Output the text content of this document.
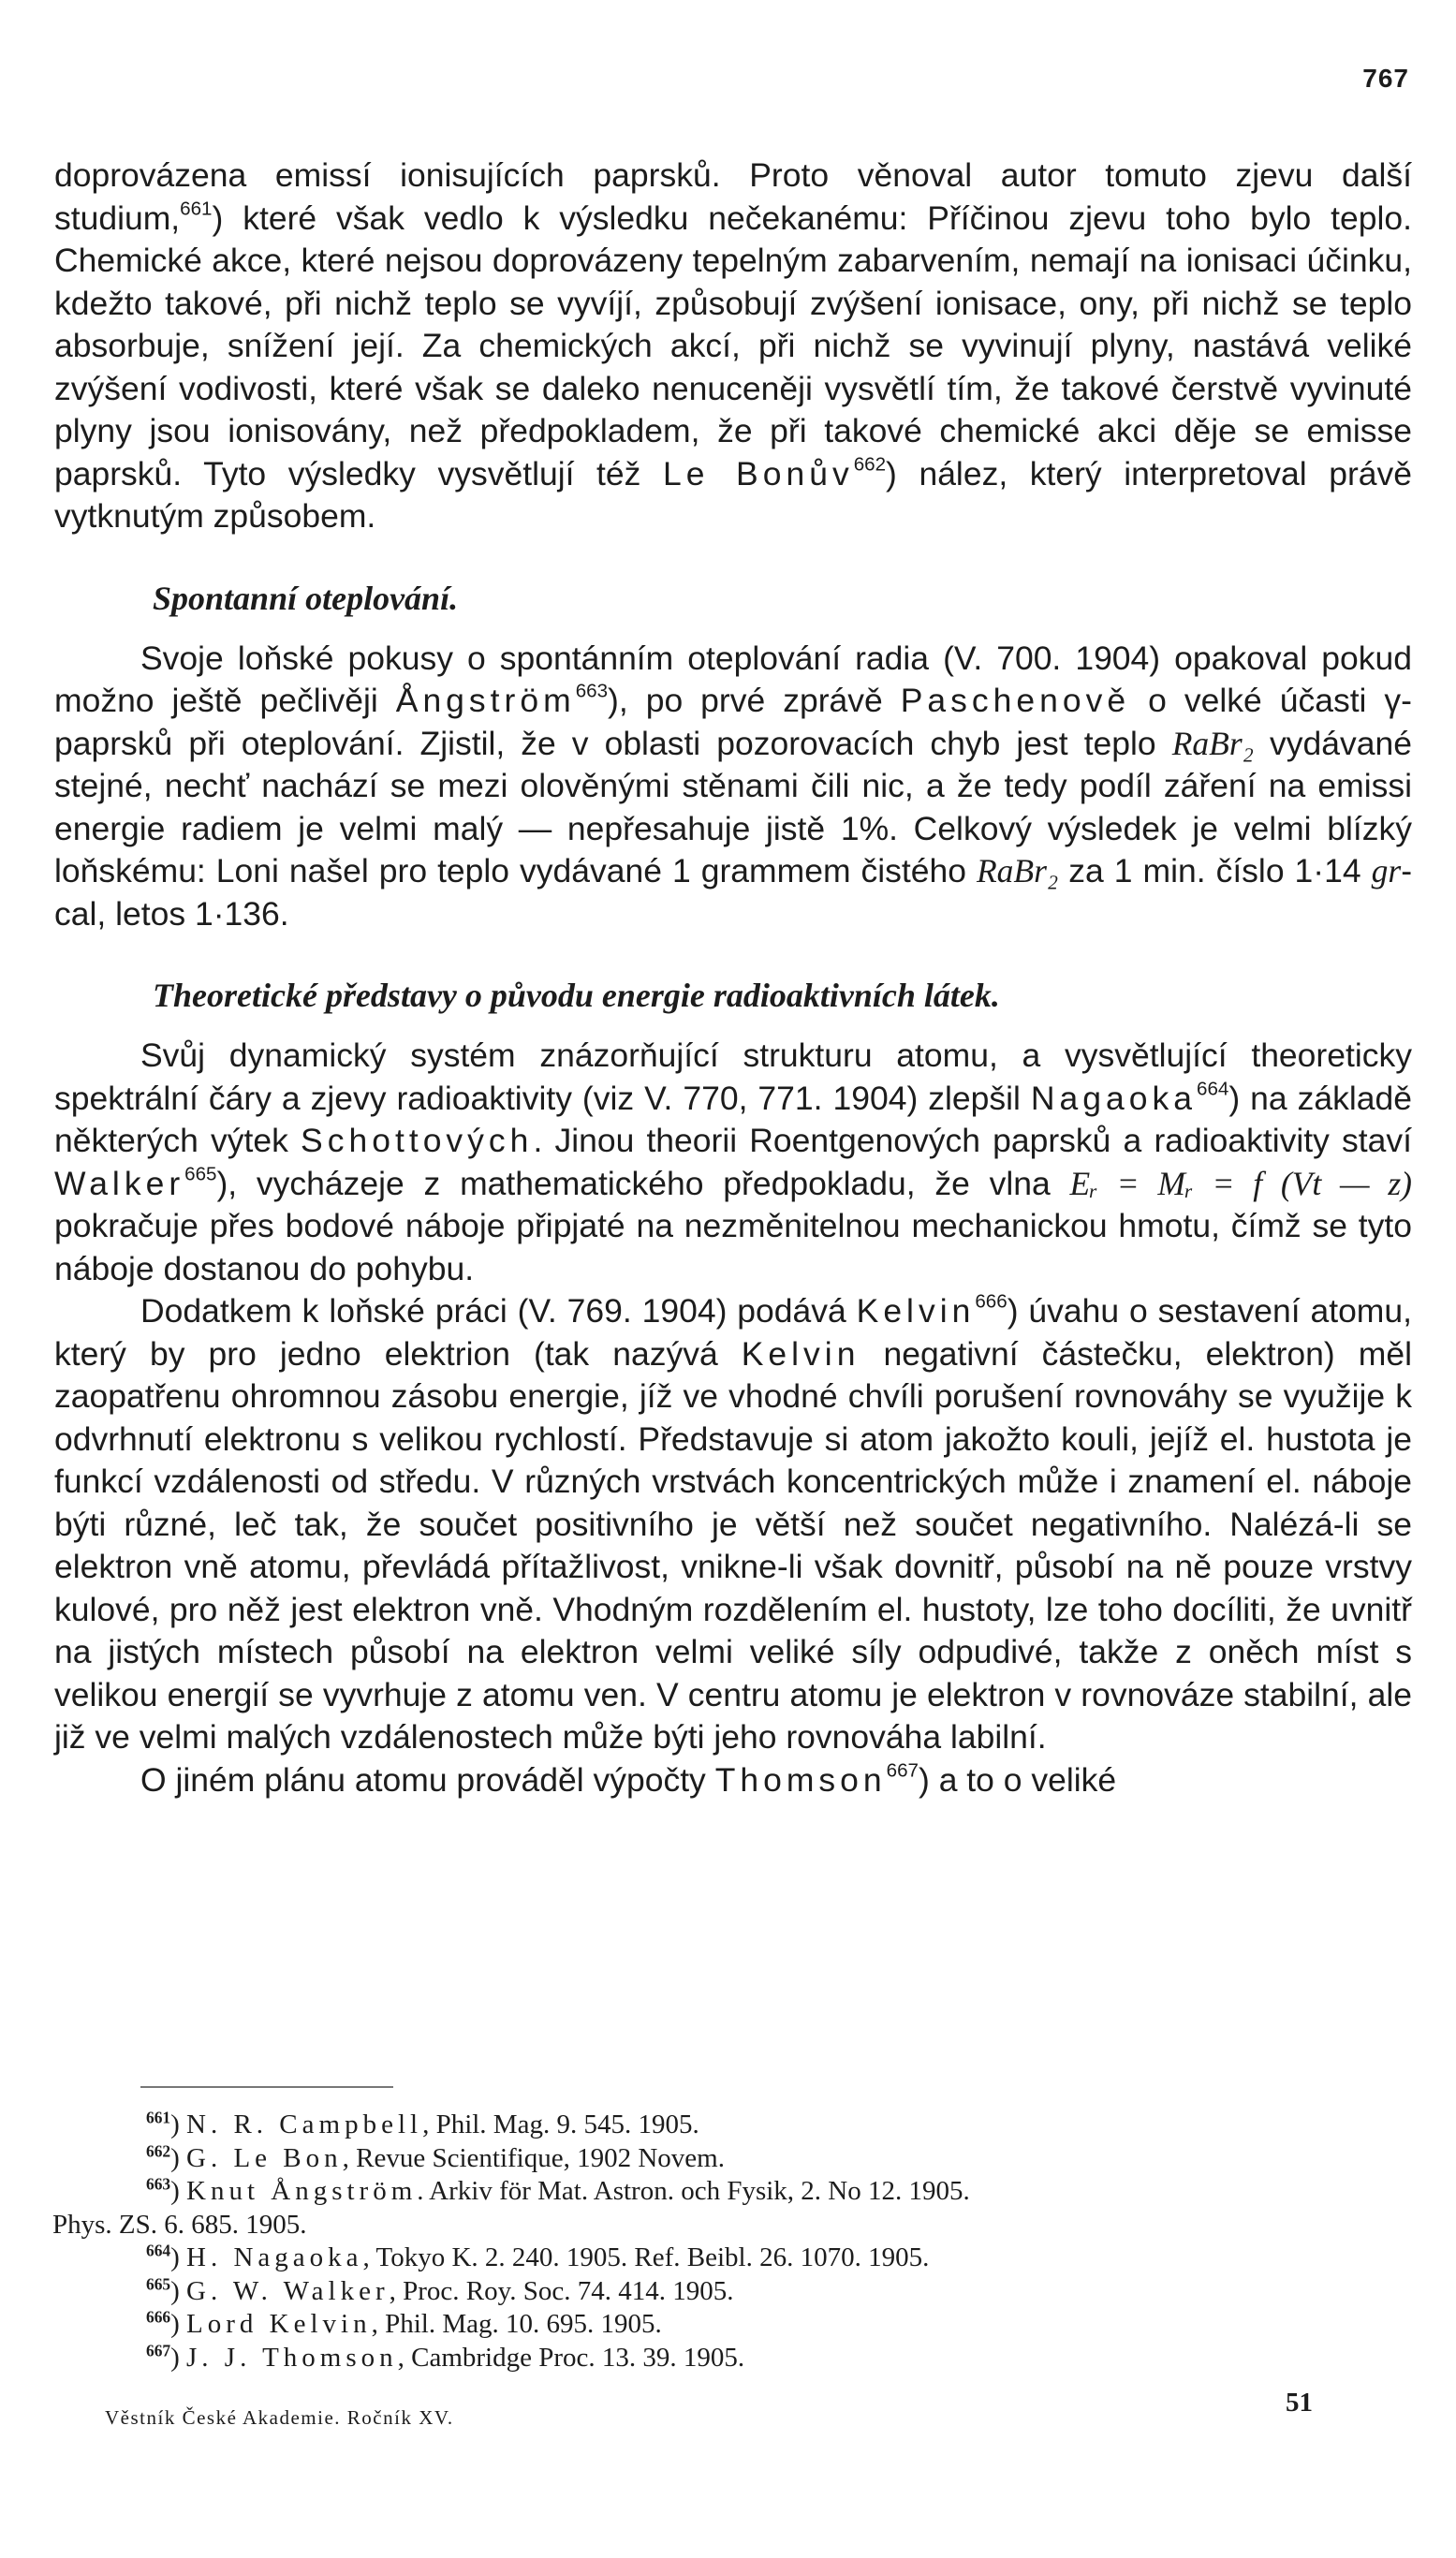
767

doprovázena emissí ionisujících paprsků. Proto věnoval autor tomuto zjevu další studium,$^{661}$) které však vedlo k výsledku nečekanému: Příčinou zjevu toho bylo teplo. Chemické akce, které nejsou doprovázeny tepelným zabarvením, nemají na ionisaci účinku, kdežto takové, při nichž teplo se vyvíjí, způsobují zvýšení ionisace, ony, při nichž se teplo absorbuje, snížení její. Za chemických akcí, při nichž se vyvinují plyny, nastává veliké zvýšení vodivosti, které však se daleko nenuceněji vysvětlí tím, že takové čerstvě vyvinuté plyny jsou ionisovány, než předpokladem, že při takové chemické akci děje se emisse paprsků. Tyto výsledky vysvětlují též Le Bonův$^{662}$) nález, který interpretoval právě vytknutým způsobem.

Spontanní oteplování.

Svoje loňské pokusy o spontánním oteplování radia (V. 700. 1904) opakoval pokud možno ještě pečlivěji Ångström$^{663}$), po prvé zprávě Paschenově o velké účasti γ-paprsků při oteplování. Zjistil, že v oblasti pozorovacích chyb jest teplo RaBr₂ vydávané stejné, nechť nachází se mezi olověnými stěnami čili nic, a že tedy podíl záření na emissi energie radiem je velmi malý — nepřesahuje jistě 1%. Celkový výsledek je velmi blízký loňskému: Loni našel pro teplo vydávané 1 grammem čistého RaBr₂ za 1 min. číslo 1·14 gr-cal, letos 1·136.

Theoretické představy o původu energie radioaktivních látek.

Svůj dynamický systém znázorňující strukturu atomu, a vysvětlující theoreticky spektrální čáry a zjevy radioaktivity (viz V. 770, 771. 1904) zlepšil Nagaoka$^{664}$) na základě některých výtek Schottových. Jinou theorii Roentgenových paprsků a radioaktivity staví Walker$^{665}$), vycházeje z mathematického předpokladu, že vlna Eᵣ = Mᵣ = f (Vt — z) pokračuje přes bodové náboje připjaté na nezměnitelnou mechanickou hmotu, čímž se tyto náboje dostanou do pohybu.

Dodatkem k loňské práci (V. 769. 1904) podává Kelvin$^{666}$) úvahu o sestavení atomu, který by pro jedno elektrion (tak nazývá Kelvin negativní částečku, elektron) měl zaopatřenu ohromnou zásobu energie, jíž ve vhodné chvíli porušení rovnováhy se využije k odvrhnutí elektronu s velikou rychlostí. Představuje si atom jakožto kouli, jejíž el. hustota je funkcí vzdálenosti od středu. V různých vrstvách koncentrických může i znamení el. náboje býti různé, leč tak, že součet positivního je větší než součet negativního. Nalézá-li se elektron vně atomu, převládá přítažlivost, vnikne-li však dovnitř, působí na ně pouze vrstvy kulové, pro něž jest elektron vně. Vhodným rozdělením el. hustoty, lze toho docíliti, že uvnitř na jistých místech působí na elektron velmi veliké síly odpudivé, takže z oněch míst s velikou energií se vyvrhuje z atomu ven. V centru atomu je elektron v rovnováze stabilní, ale již ve velmi malých vzdálenostech může býti jeho rovnováha labilní.

O jiném plánu atomu prováděl výpočty Thomson$^{667}$) a to o veliké

$^{661}$) N. R. Campbell, Phil. Mag. 9. 545. 1905.

$^{662}$) G. Le Bon, Revue Scientifique, 1902 Novem.

$^{663}$) Knut Ångström. Arkiv för Mat. Astron. och Fysik, 2. No 12. 1905.

Phys. ZS. 6. 685. 1905.

$^{664}$) H. Nagaoka, Tokyo K. 2. 240. 1905. Ref. Beibl. 26. 1070. 1905.

$^{665}$) G. W. Walker, Proc. Roy. Soc. 74. 414. 1905.

$^{666}$) Lord Kelvin, Phil. Mag. 10. 695. 1905.

$^{667}$) J. J. Thomson, Cambridge Proc. 13. 39. 1905.

51
Věstník České Akademie. Ročník XV.
